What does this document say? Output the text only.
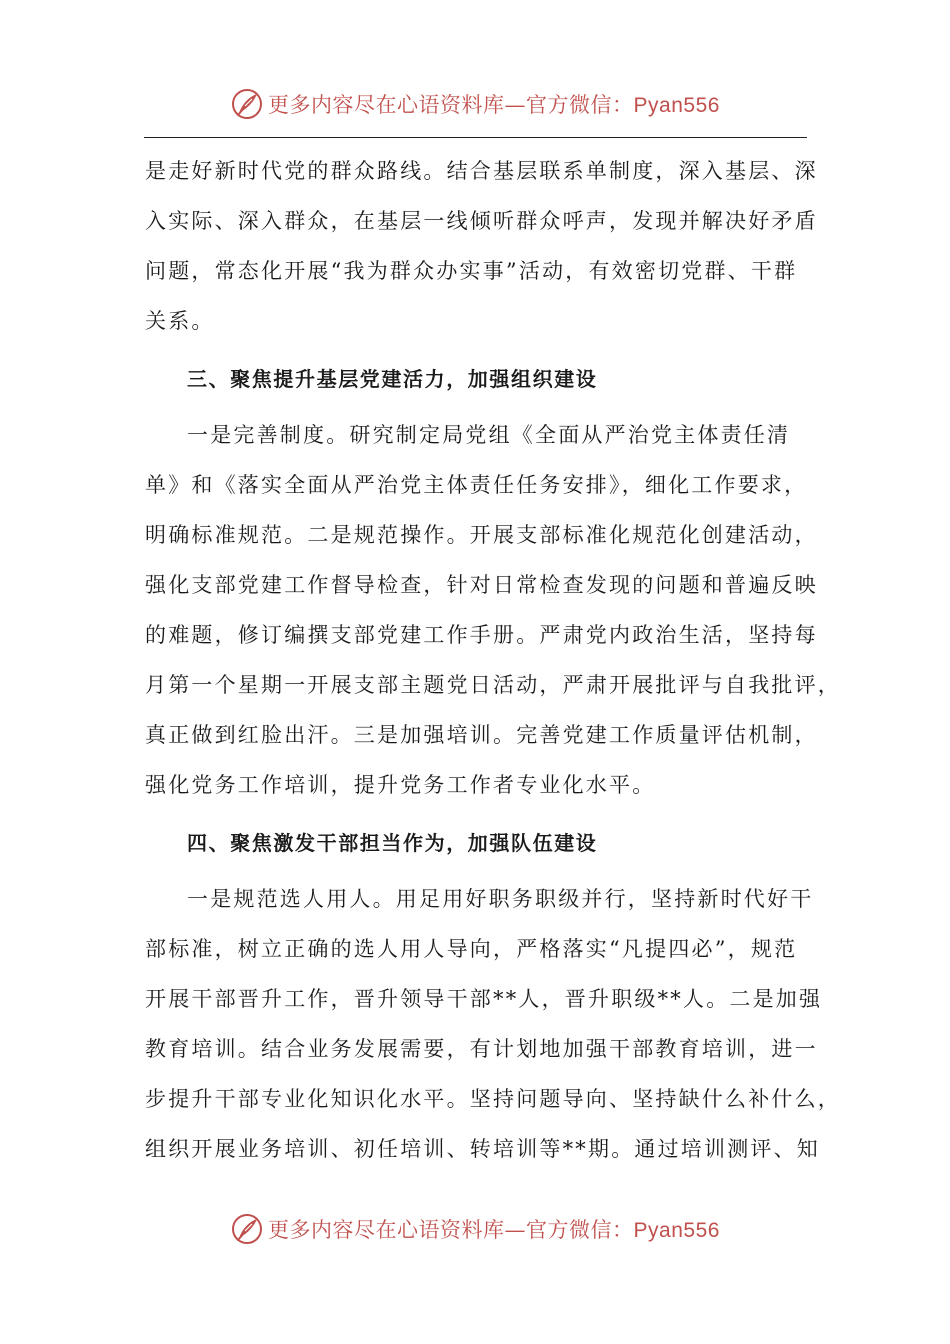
更多内容尽在心语资料库—官方微信：Pyan556

是走好新时代党的群众路线。结合基层联系单制度，深入基层、深
入实际、深入群众，在基层一线倾听群众呼声，发现并解决好矛盾
问题，常态化开展“我为群众办实事”活动，有效密切党群、干群
关系。

三、聚焦提升基层党建活力，加强组织建设

一是完善制度。研究制定局党组《全面从严治党主体责任清
单》和《落实全面从严治党主体责任任务安排》，细化工作要求，
明确标准规范。二是规范操作。开展支部标准化规范化创建活动，
强化支部党建工作督导检查，针对日常检查发现的问题和普遍反映
的难题，修订编撰支部党建工作手册。严肃党内政治生活，坚持每
月第一个星期一开展支部主题党日活动，严肃开展批评与自我批评，
真正做到红脸出汗。三是加强培训。完善党建工作质量评估机制，
强化党务工作培训，提升党务工作者专业化水平。

四、聚焦激发干部担当作为，加强队伍建设

一是规范选人用人。用足用好职务职级并行，坚持新时代好干
部标准，树立正确的选人用人导向，严格落实“凡提四必”，规范
开展干部晋升工作，晋升领导干部**人，晋升职级**人。二是加强
教育培训。结合业务发展需要，有计划地加强干部教育培训，进一
步提升干部专业化知识化水平。坚持问题导向、坚持缺什么补什么，
组织开展业务培训、初任培训、转培训等**期。通过培训测评、知

更多内容尽在心语资料库—官方微信：Pyan556
